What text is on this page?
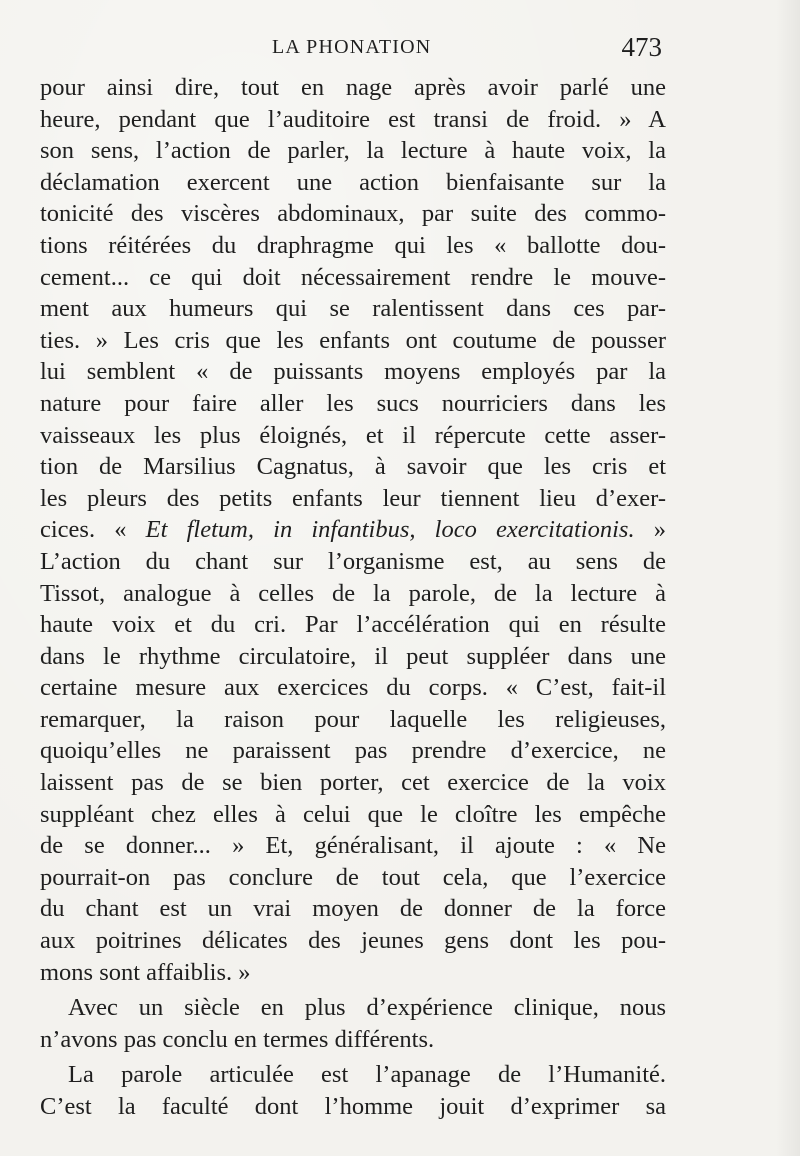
LA PHONATION	473
pour ainsi dire, tout en nage après avoir parlé une
heure, pendant que l’auditoire est transi de froid. » A
son sens, l’action de parler, la lecture à haute voix, la
déclamation exercent une action bienfaisante sur la
tonicité des viscères abdominaux, par suite des commo-
tions réitérées du draphragme qui les « ballotte dou-
cement... ce qui doit nécessairement rendre le mouve-
ment aux humeurs qui se ralentissent dans ces par-
ties. » Les cris que les enfants ont coutume de pousser
lui semblent « de puissants moyens employés par la
nature pour faire aller les sucs nourriciers dans les
vaisseaux les plus éloignés, et il répercute cette asser-
tion de Marsilius Cagnatus, à savoir que les cris et
les pleurs des petits enfants leur tiennent lieu d’exer-
cices. « Et fletum, in infantibus, loco exercitationis. »
L’action du chant sur l’organisme est, au sens de
Tissot, analogue à celles de la parole, de la lecture à
haute voix et du cri. Par l’accélération qui en résulte
dans le rhythme circulatoire, il peut suppléer dans une
certaine mesure aux exercices du corps. « C’est, fait-il
remarquer, la raison pour laquelle les religieuses,
quoiqu’elles ne paraissent pas prendre d’exercice, ne
laissent pas de se bien porter, cet exercice de la voix
suppléant chez elles à celui que le cloître les empêche
de se donner... » Et, généralisant, il ajoute : « Ne
pourrait-on pas conclure de tout cela, que l’exercice
du chant est un vrai moyen de donner de la force
aux poitrines délicates des jeunes gens dont les pou-
mons sont affaiblis. »
Avec un siècle en plus d’expérience clinique, nous
n’avons pas conclu en termes différents.
La parole articulée est l’apanage de l’Humanité.
C’est la faculté dont l’homme jouit d’exprimer sa
